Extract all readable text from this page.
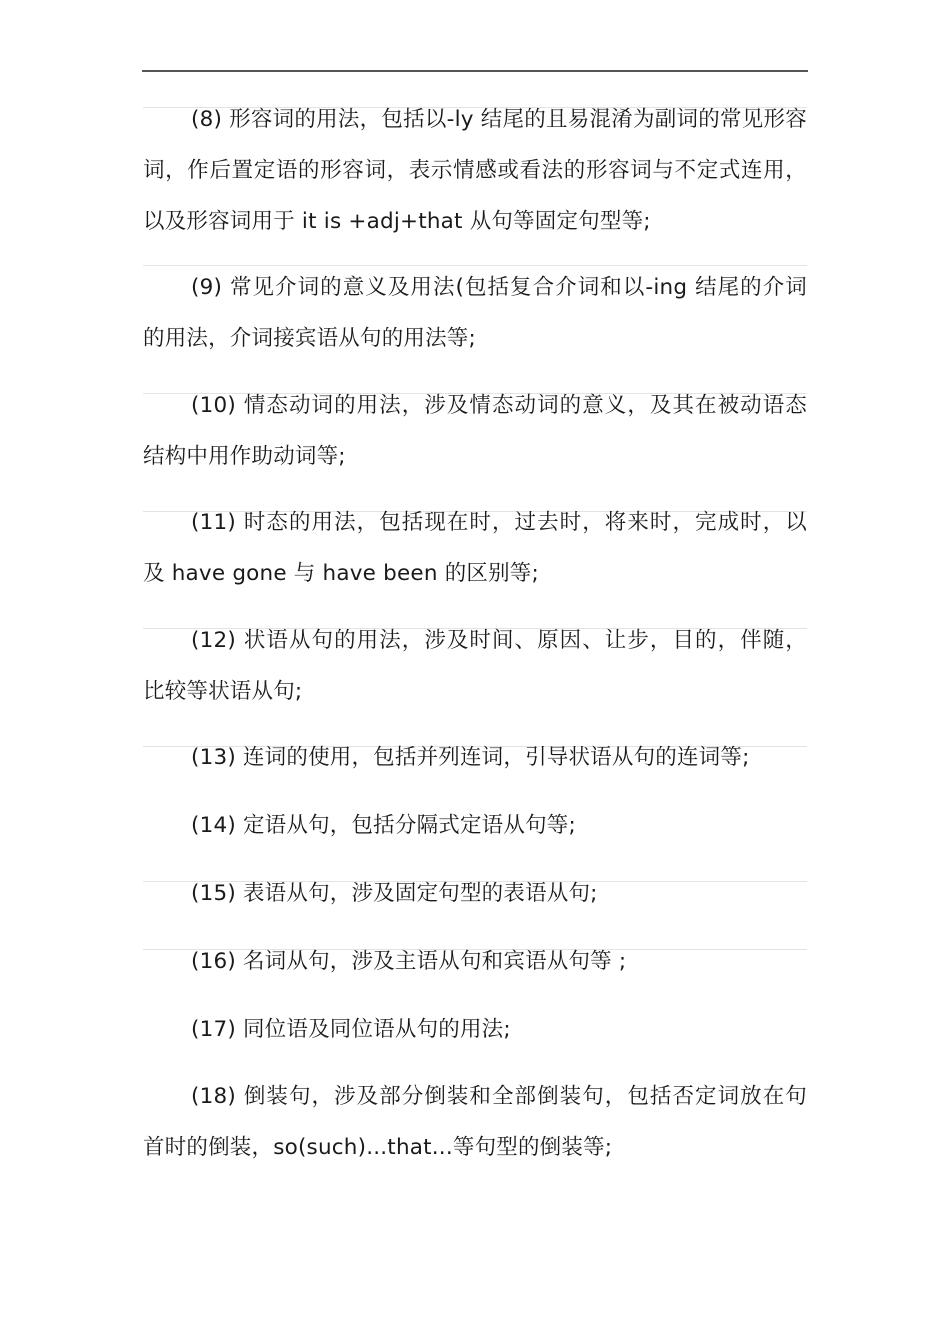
(8) 形容词的用法，包括以-ly 结尾的且易混淆为副词的常见形容词，作后置定语的形容词，表示情感或看法的形容词与不定式连用，以及形容词用于 it is +adj+that 从句等固定句型等;

(9) 常见介词的意义及用法(包括复合介词和以-ing 结尾的介词的用法，介词接宾语从句的用法等;

(10) 情态动词的用法，涉及情态动词的意义，及其在被动语态结构中用作助动词等;

(11) 时态的用法，包括现在时，过去时，将来时，完成时，以及 have gone 与 have been 的区别等;

(12) 状语从句的用法，涉及时间、原因、让步，目的，伴随，比较等状语从句;

(13) 连词的使用，包括并列连词，引导状语从句的连词等;

(14) 定语从句，包括分隔式定语从句等;

(15) 表语从句，涉及固定句型的表语从句;

(16) 名词从句，涉及主语从句和宾语从句等 ;

(17) 同位语及同位语从句的用法;

(18) 倒装句，涉及部分倒装和全部倒装句，包括否定词放在句首时的倒装，so(such)...that...等句型的倒装等;
